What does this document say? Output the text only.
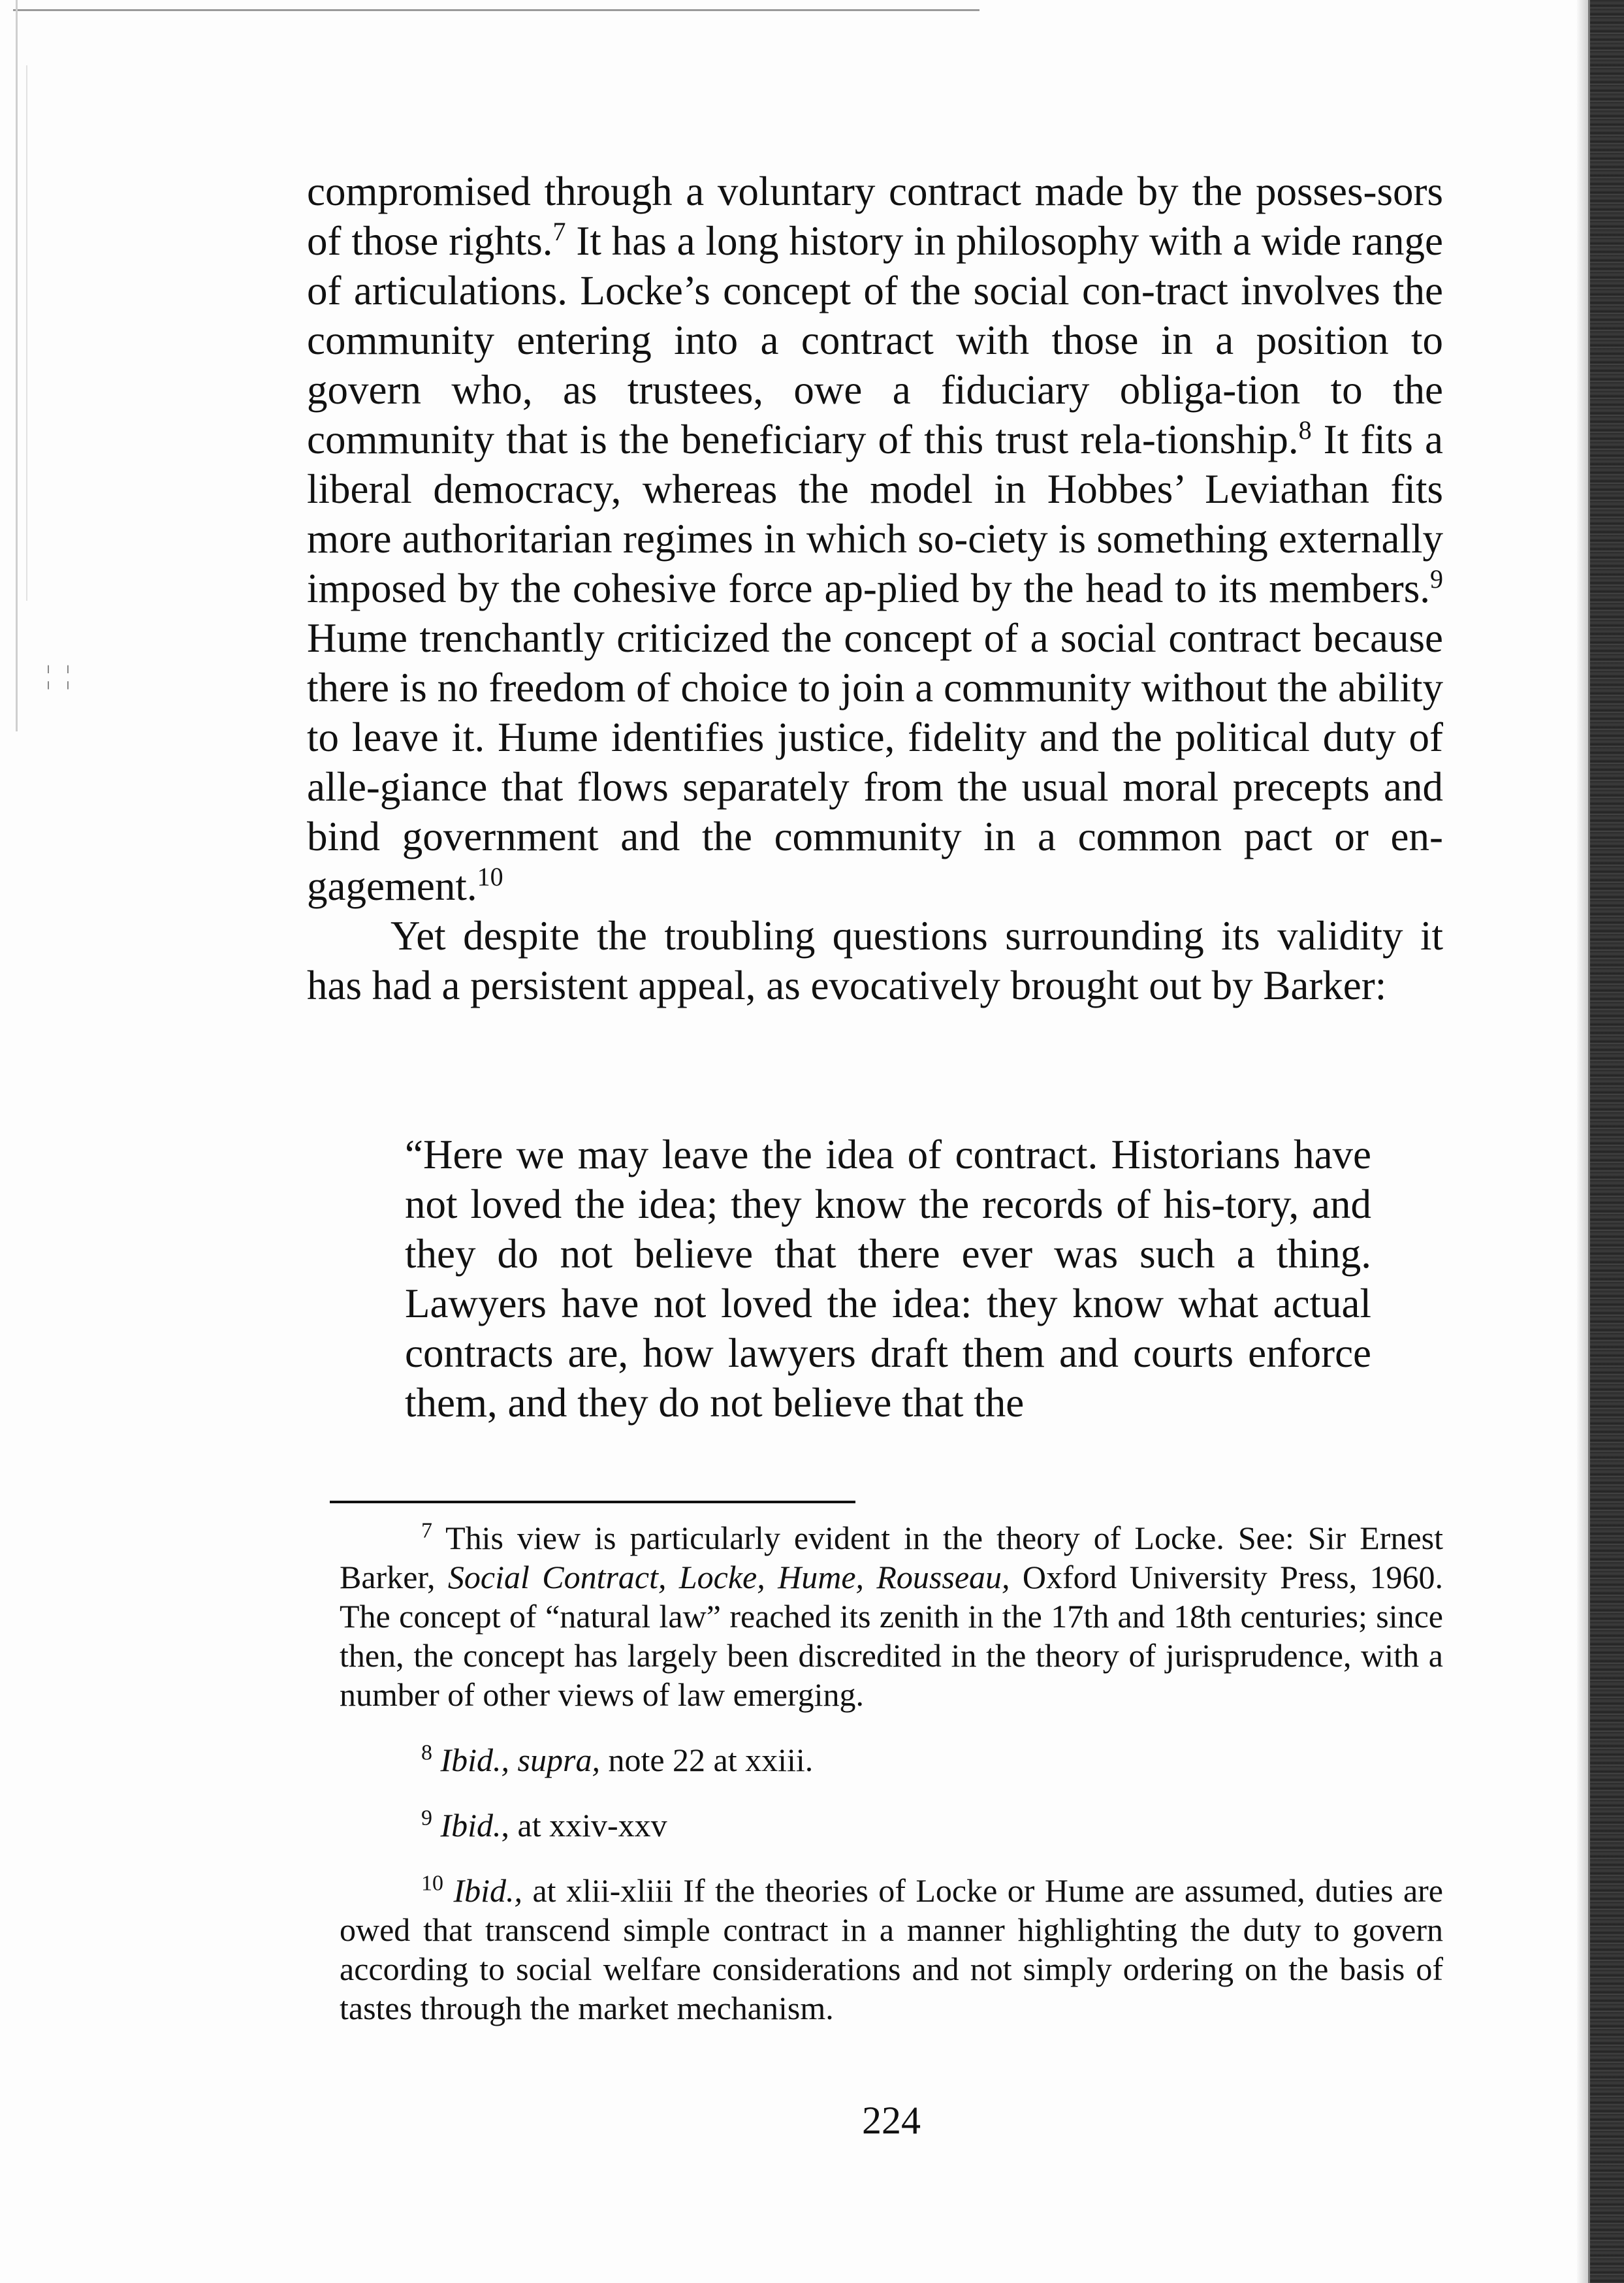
¦ ¦

compromised through a voluntary contract made by the posses-sors of those rights.$^7$ It has a long history in philosophy with a wide range of articulations. Locke’s concept of the social con-tract involves the community entering into a contract with those in a position to govern who, as trustees, owe a fiduciary obliga-tion to the community that is the beneficiary of this trust rela-tionship.$^8$ It fits a liberal democracy, whereas the model in Hobbes’ Leviathan fits more authoritarian regimes in which so-ciety is something externally imposed by the cohesive force ap-plied by the head to its members.$^9$ Hume trenchantly criticized the concept of a social contract because there is no freedom of choice to join a community without the ability to leave it. Hume identifies justice, fidelity and the political duty of alle-giance that flows separately from the usual moral precepts and bind government and the community in a common pact or en-gagement.$^{10}$

Yet despite the troubling questions surrounding its validity it has had a persistent appeal, as evocatively brought out by Barker:

“Here we may leave the idea of contract. Historians have not loved the idea; they know the records of his-tory, and they do not believe that there ever was such a thing. Lawyers have not loved the idea: they know what actual contracts are, how lawyers draft them and courts enforce them, and they do not believe that the
$^7$ This view is particularly evident in the theory of Locke. See: Sir Ernest Barker, Social Contract, Locke, Hume, Rousseau, Oxford University Press, 1960. The concept of “natural law” reached its zenith in the 17th and 18th centuries; since then, the concept has largely been discredited in the theory of jurisprudence, with a number of other views of law emerging.
$^8$ Ibid., supra, note 22 at xxiii.
$^9$ Ibid., at xxiv-xxv
$^{10}$ Ibid., at xlii-xliii If the theories of Locke or Hume are assumed, duties are owed that transcend simple contract in a manner highlighting the duty to govern according to social welfare considerations and not simply ordering on the basis of tastes through the market mechanism.
224
